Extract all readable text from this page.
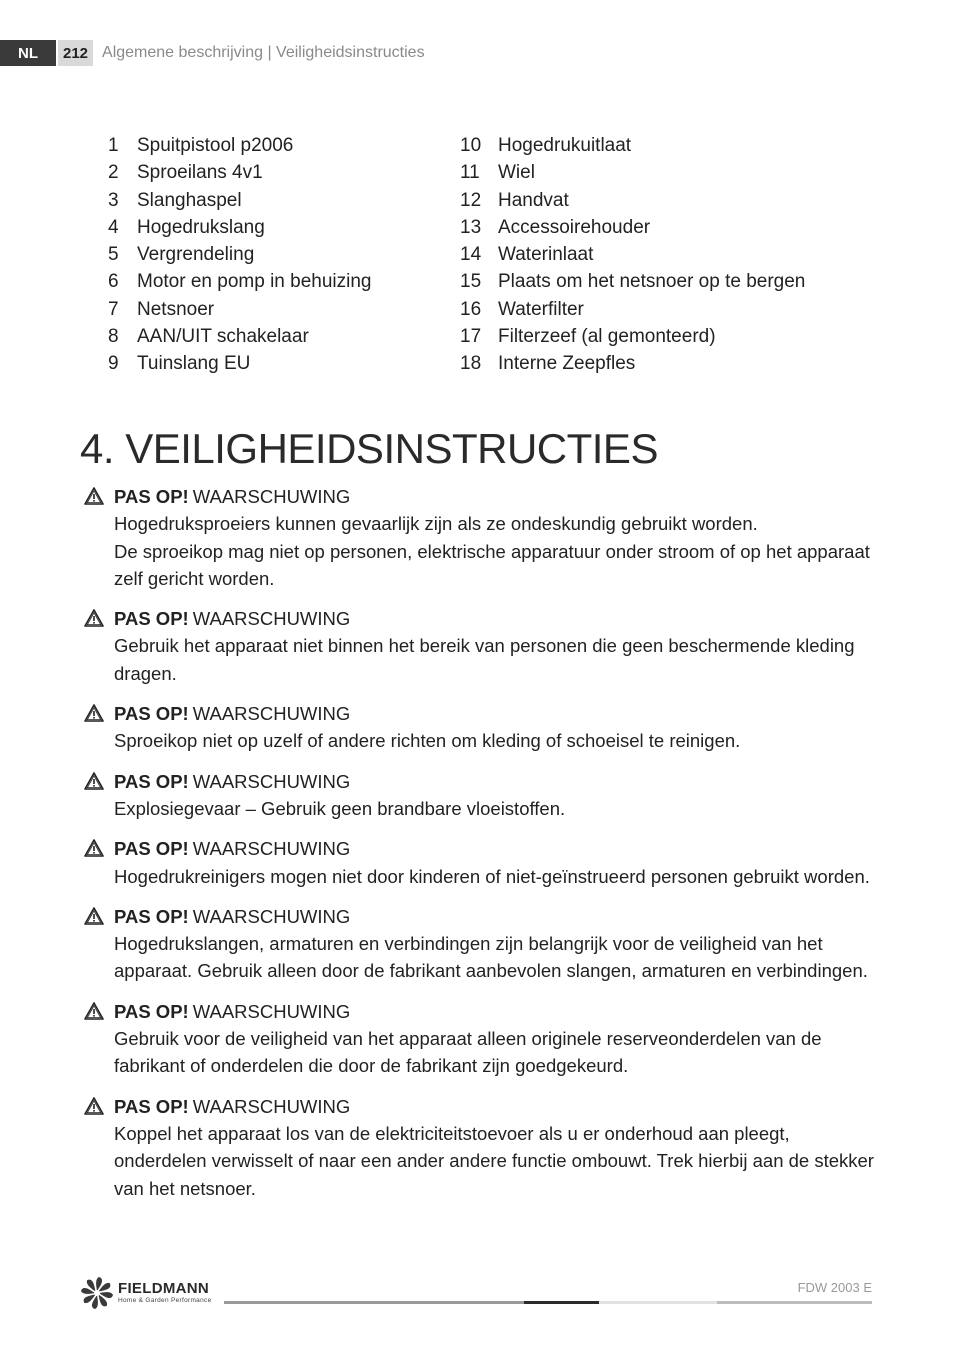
NL	212 Algemene beschrijving | Veiligheidsinstructies
1 Spuitpistool p2006
2 Sproeilans 4v1
3 Slanghaspel
4 Hogedrukslang
5 Vergrendeling
6 Motor en pomp in behuizing
7 Netsnoer
8 AAN/UIT schakelaar
9 Tuinslang EU
10 Hogedrukuitlaat
11 Wiel
12 Handvat
13 Accessoirehouder
14 Waterinlaat
15 Plaats om het netsnoer op te bergen
16 Waterfilter
17 Filterzeef (al gemonteerd)
18 Interne Zeepfles
4. VEILIGHEIDSINSTRUCTIES
PAS OP! WAARSCHUWING
Hogedruksproeiers kunnen gevaarlijk zijn als ze ondeskundig gebruikt worden.
De sproeikop mag niet op personen, elektrische apparatuur onder stroom of op het apparaat
zelf gericht worden.
PAS OP! WAARSCHUWING
Gebruik het apparaat niet binnen het bereik van personen die geen beschermende kleding
dragen.
PAS OP! WAARSCHUWING
Sproeikop niet op uzelf of andere richten om kleding of schoeisel te reinigen.
PAS OP! WAARSCHUWING
Explosiegevaar – Gebruik geen brandbare vloeistoffen.
PAS OP! WAARSCHUWING
Hogedrukreinigers mogen niet door kinderen of niet-geïnstrueerd personen gebruikt worden.
PAS OP! WAARSCHUWING
Hogedrukslangen, armaturen en verbindingen zijn belangrijk voor de veiligheid van het
apparaat. Gebruik alleen door de fabrikant aanbevolen slangen, armaturen en verbindingen.
PAS OP! WAARSCHUWING
Gebruik voor de veiligheid van het apparaat alleen originele reserveonderdelen van de
fabrikant of onderdelen die door de fabrikant zijn goedgekeurd.
PAS OP! WAARSCHUWING
Koppel het apparaat los van de elektriciteitstoevoer als u er onderhoud aan pleegt,
onderdelen verwisselt of naar een ander andere functie ombouwt. Trek hierbij aan de stekker
van het netsnoer.
FIELDMANN
Home & Garden Performance
FDW 2003 E
